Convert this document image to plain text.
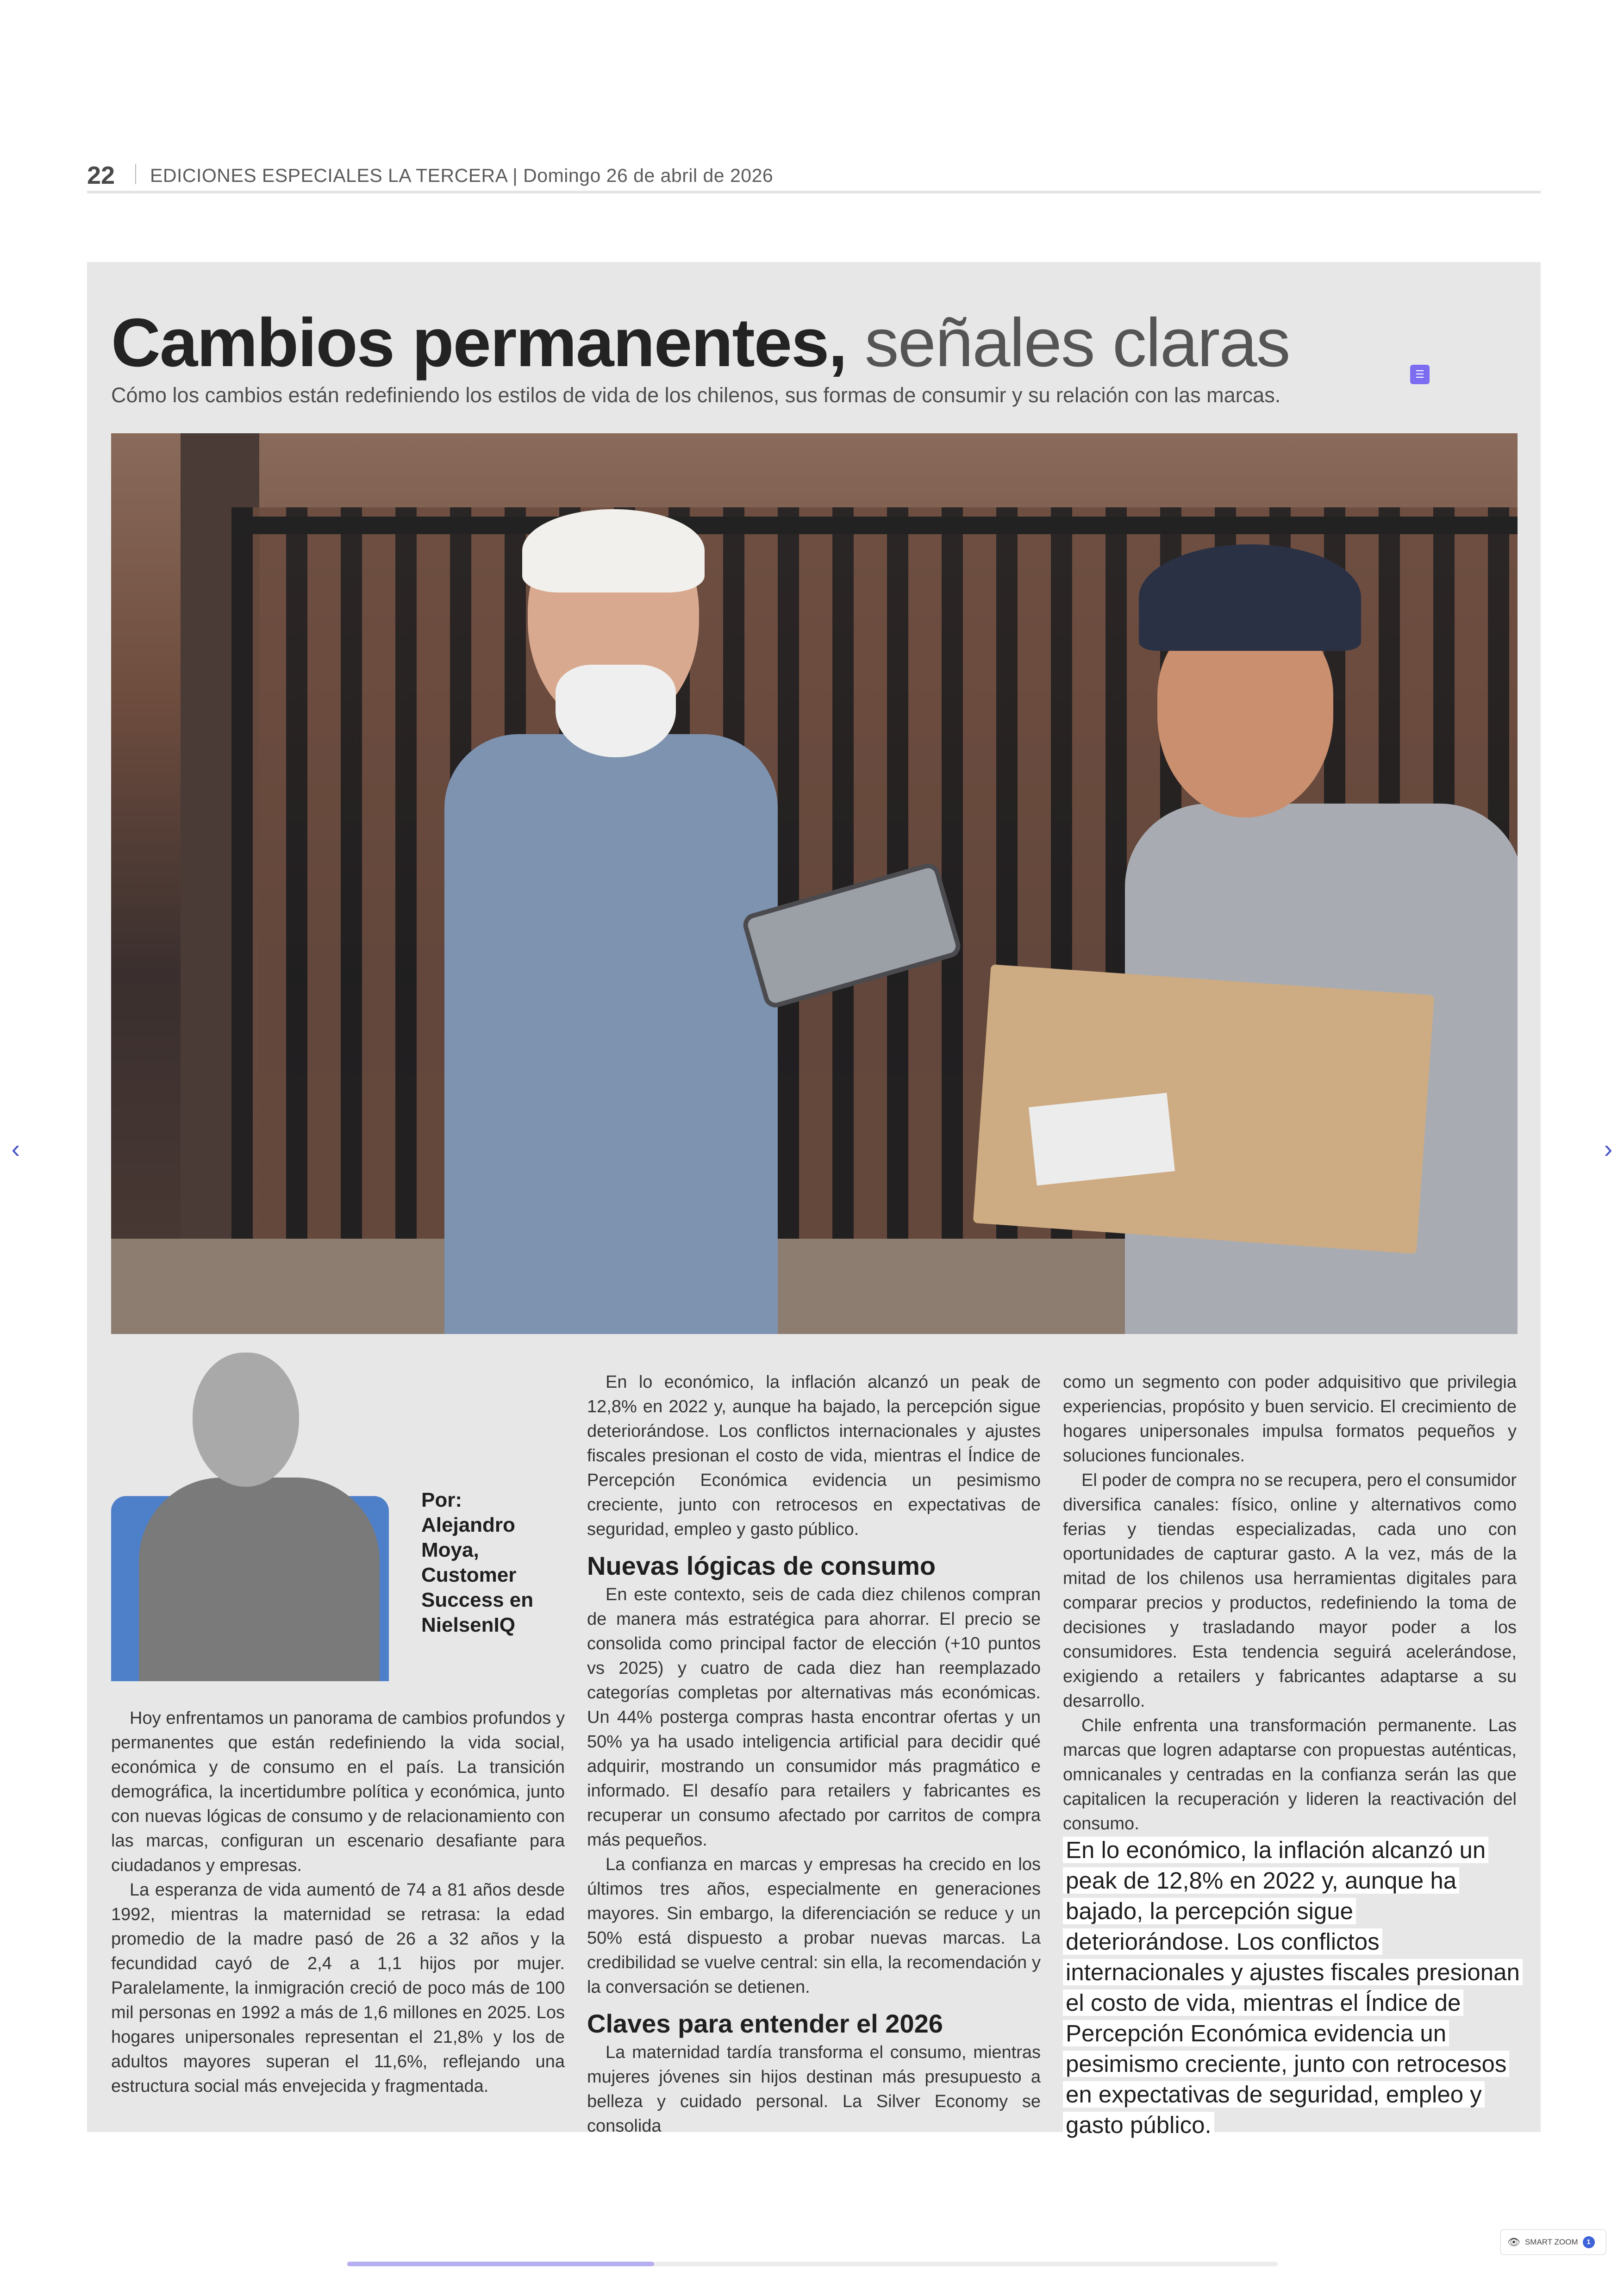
22 EDICIONES ESPECIALES LA TERCERA | Domingo 26 de abril de 2026
Cambios permanentes, señales claras
Cómo los cambios están redefiniendo los estilos de vida de los chilenos, sus formas de consumir y su relación con las marcas.
☰
Por: Alejandro Moya, Customer Success en NielsenIQ

Hoy enfrentamos un panorama de cambios profundos y permanentes que están redefiniendo la vida social, económica y de consumo en el país. La transición demográfica, la incertidumbre política y económica, junto con nuevas lógicas de consumo y de relacionamiento con las marcas, configuran un escenario desafiante para ciudadanos y empresas.

La esperanza de vida aumentó de 74 a 81 años desde 1992, mientras la maternidad se retrasa: la edad promedio de la madre pasó de 26 a 32 años y la fecundidad cayó de 2,4 a 1,1 hijos por mujer. Paralelamente, la inmigración creció de poco más de 100 mil personas en 1992 a más de 1,6 millones en 2025. Los hogares unipersonales representan el 21,8% y los de adultos mayores superan el 11,6%, reflejando una estructura social más envejecida y fragmentada.

En lo económico, la inflación alcanzó un peak de 12,8% en 2022 y, aunque ha bajado, la percepción sigue deteriorándose. Los conflictos internacionales y ajustes fiscales presionan el costo de vida, mientras el Índice de Percepción Económica evidencia un pesimismo creciente, junto con retrocesos en expectativas de seguridad, empleo y gasto público.

Nuevas lógicas de consumo

En este contexto, seis de cada diez chilenos compran de manera más estratégica para ahorrar. El precio se consolida como principal factor de elección (+10 puntos vs 2025) y cuatro de cada diez han reemplazado categorías completas por alternativas más económicas. Un 44% posterga compras hasta encontrar ofertas y un 50% ya ha usado inteligencia artificial para decidir qué adquirir, mostrando un consumidor más pragmático e informado. El desafío para retailers y fabricantes es recuperar un consumo afectado por carritos de compra más pequeños.

La confianza en marcas y empresas ha crecido en los últimos tres años, especialmente en generaciones mayores. Sin embargo, la diferenciación se reduce y un 50% está dispuesto a probar nuevas marcas. La credibilidad se vuelve central: sin ella, la recomendación y la conversación se detienen.

Claves para entender el 2026

La maternidad tardía transforma el consumo, mientras mujeres jóvenes sin hijos destinan más presupuesto a belleza y cuidado personal. La Silver Economy se consolida

como un segmento con poder adquisitivo que privilegia experiencias, propósito y buen servicio. El crecimiento de hogares unipersonales impulsa formatos pequeños y soluciones funcionales.

El poder de compra no se recupera, pero el consumidor diversifica canales: físico, online y alternativos como ferias y tiendas especializadas, cada uno con oportunidades de capturar gasto. A la vez, más de la mitad de los chilenos usa herramientas digitales para comparar precios y productos, redefiniendo la toma de decisiones y trasladando mayor poder a los consumidores. Esta tendencia seguirá acelerándose, exigiendo a retailers y fabricantes adaptarse a su desarrollo.

Chile enfrenta una transformación permanente. Las marcas que logren adaptarse con propuestas auténticas, omnicanales y centradas en la confianza serán las que capitalicen la recuperación y lideren la reactivación del consumo.

En lo económico, la inflación alcanzó un peak de 12,8% en 2022 y, aunque ha bajado, la percepción sigue deteriorándose. Los conflictos internacionales y ajustes fiscales presionan el costo de vida, mientras el Índice de Percepción Económica evidencia un pesimismo creciente, junto con retrocesos en expectativas de seguridad, empleo y gasto público.
‹	›
👁 SMART ZOOM	1
